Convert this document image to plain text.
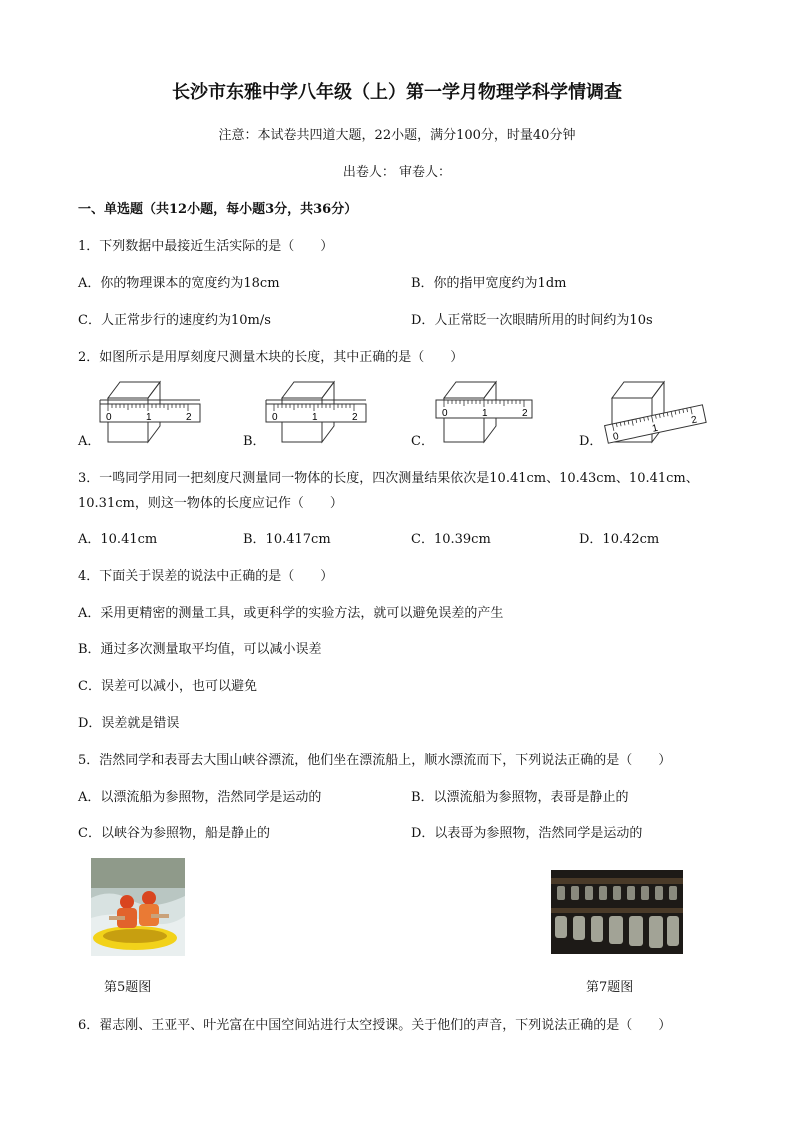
长沙市东雅中学八年级（上）第一学月物理学科学情调查
注意：本试卷共四道大题，22小题，满分100分，时量40分钟
出卷人： 审卷人：
一、单选题（共12小题，每小题3分，共36分）
1．下列数据中最接近生活实际的是（　　）
A．你的物理课本的宽度约为18cm	B．你的指甲宽度约为1dm
C．人正常步行的速度约为10m/s	D．人正常眨一次眼睛所用的时间约为10s
2．如图所示是用厚刻度尺测量木块的长度，其中正确的是（　　）
A．
0	1	2
B．
0	1	2
C．
0	1	2
D． 0
1
2
3．一鸣同学用同一把刻度尺测量同一物体的长度，四次测量结果依次是10.41cm、10.43cm、10.41cm、
10.31cm，则这一物体的长度应记作（　　）
A．10.41cm	B．10.417cm	C．10.39cm	D．10.42cm
4．下面关于误差的说法中正确的是（　　）
A．采用更精密的测量工具，或更科学的实验方法，就可以避免误差的产生
B．通过多次测量取平均值，可以减小误差
C．误差可以减小，也可以避免
D．误差就是错误
5．浩然同学和表哥去大围山峡谷漂流，他们坐在漂流船上，顺水漂流而下，下列说法正确的是（　　）
A．以漂流船为参照物，浩然同学是运动的	B．以漂流船为参照物，表哥是静止的
C．以峡谷为参照物，船是静止的	D．以表哥为参照物，浩然同学是运动的
第5题图	第7题图
6．翟志刚、王亚平、叶光富在中国空间站进行太空授课。关于他们的声音，下列说法正确的是（　　）
